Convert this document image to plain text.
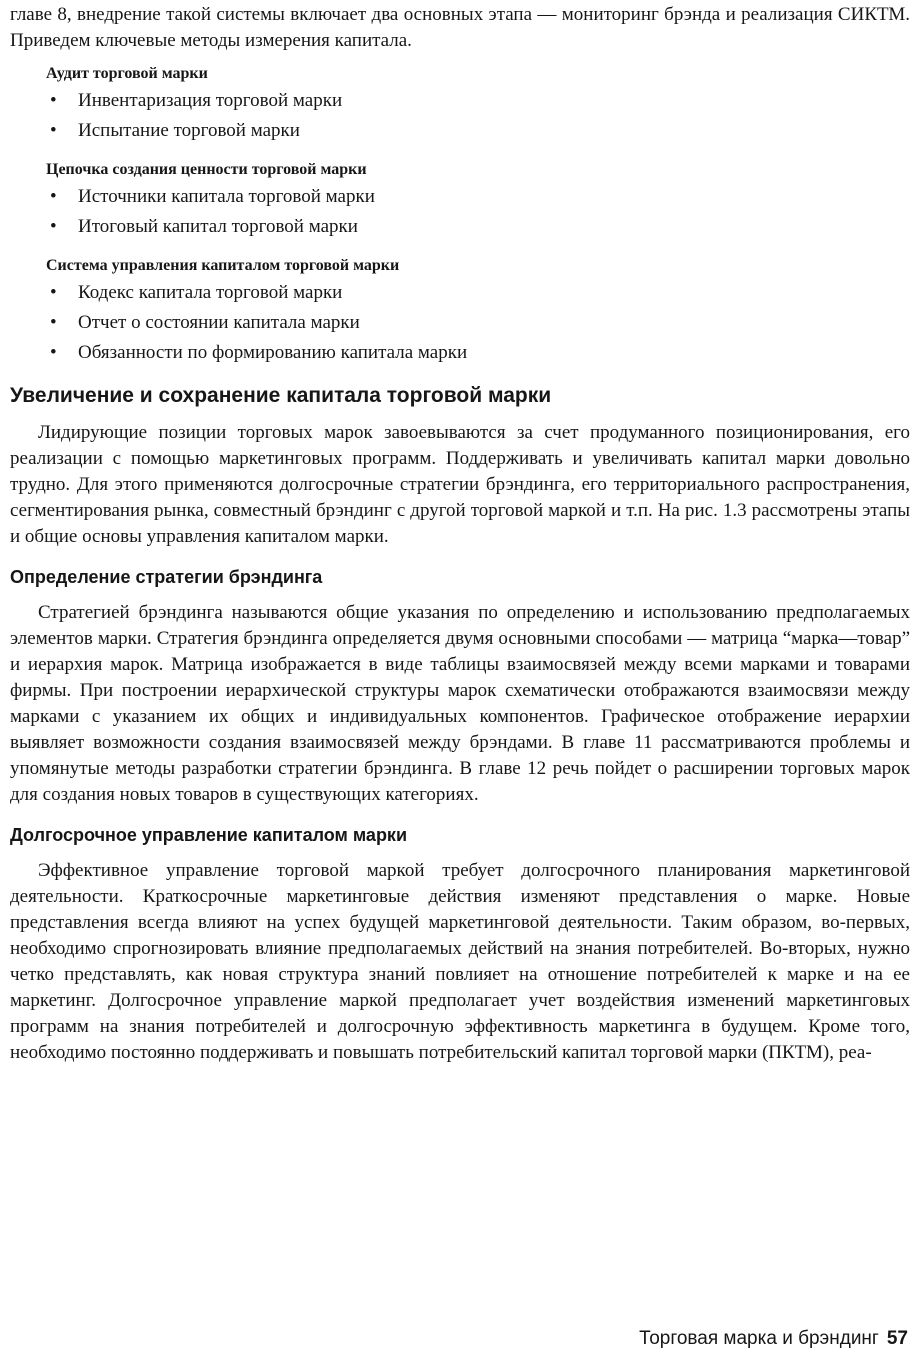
главе 8, внедрение такой системы включает два основных этапа — мониторинг брэнда и реализация СИКТМ. Приведем ключевые методы измерения капитала.

Аудит торговой марки
• Инвентаризация торговой марки
• Испытание торговой марки
Цепочка создания ценности торговой марки
• Источники капитала торговой марки
• Итоговый капитал торговой марки
Система управления капиталом торговой марки
• Кодекс капитала торговой марки
• Отчет о состоянии капитала марки
• Обязанности по формированию капитала марки
Увеличение и сохранение капитала торговой марки

Лидирующие позиции торговых марок завоевываются за счет продуманного позиционирования, его реализации с помощью маркетинговых программ. Поддерживать и увеличивать капитал марки довольно трудно. Для этого применяются долгосрочные стратегии брэндинга, его территориального распространения, сегментирования рынка, совместный брэндинг с другой торговой маркой и т.п. На рис. 1.3 рассмотрены этапы и общие основы управления капиталом марки.

Определение стратегии брэндинга

Стратегией брэндинга называются общие указания по определению и использованию предполагаемых элементов марки. Стратегия брэндинга определяется двумя основными способами — матрица “марка—товар” и иерархия марок. Матрица изображается в виде таблицы взаимосвязей между всеми марками и товарами фирмы. При построении иерархической структуры марок схематически отображаются взаимосвязи между марками с указанием их общих и индивидуальных компонентов. Графическое отображение иерархии выявляет возможности создания взаимосвязей между брэндами. В главе 11 рассматриваются проблемы и упомянутые методы разработки стратегии брэндинга. В главе 12 речь пойдет о расширении торговых марок для создания новых товаров в существующих категориях.

Долгосрочное управление капиталом марки

Эффективное управление торговой маркой требует долгосрочного планирования маркетинговой деятельности. Краткосрочные маркетинговые действия изменяют представления о марке. Новые представления всегда влияют на успех будущей маркетинговой деятельности. Таким образом, во-первых, необходимо спрогнозировать влияние предполагаемых действий на знания потребителей. Во-вторых, нужно четко представлять, как новая структура знаний повлияет на отношение потребителей к марке и на ее маркетинг. Долгосрочное управление маркой предполагает учет воздействия изменений маркетинговых программ на знания потребителей и долгосрочную эффективность маркетинга в будущем. Кроме того, необходимо постоянно поддерживать и повышать потребительский капитал торговой марки (ПКТМ), реа-

Торговая марка и брэндинг 57
